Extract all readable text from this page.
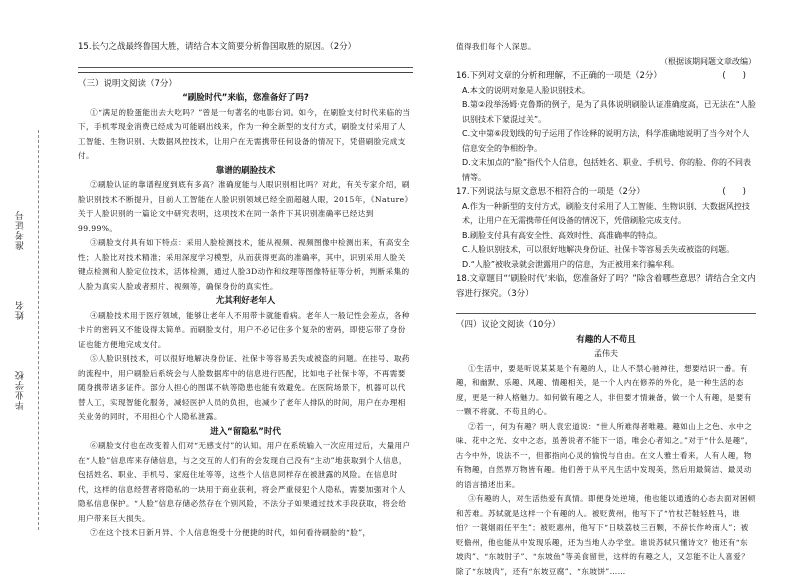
准考证号
姓名
毕业学校
15.长勺之战最终鲁国大胜，请结合本文简要分析鲁国取胜的原因。（2分）
（三）说明文阅读（7分）
“刷脸时代”来临，您准备好了吗?

①“满足的脸蛋能出去大吃吗？”曾是一句著名的电影台词。如今，在刷脸支付时代来临的当下，手机零现金消费已经成为可能刷出线来，作为一种全新型的支付方式，刷脸支付采用了人工智能、生物识别、大数据风控技术，让用户在无需携带任何设备的情况下，凭借刷脸完成支付。

靠谱的刷脸技术

②刷脸认证的靠谱程度到底有多高？准确度能与人眼识别相比吗？对此，有关专家介绍，刷脸识别技术不断提升，目前人工智能在人脸识别领域已经全面超越人眼，2015年，《Nature》关于人脸识别的一篇论文中研究表明，这项技术在同一条件下其识别准确率已经达到99.99%。

③刷脸支付具有如下特点：采用人脸检测技术，能从视频、视频图像中检测出来，有高安全性；人脸比对技术精准；采用深度学习模型，从而获得更高的准确率，其中，识别采用人脸关键点检测和人脸定位技术，活体检测，通过人脸3D动作和纹理等图像特征等分析，判断采集的人脸为真实人脸或者照片、视频等，确保身份的真实性。

尤其利好老年人

④刷脸技术用于医疗领域，能够让老年人不用带卡就能看病。老年人一般记性会差点，各种卡片的密码又不能设得太简单。而刷脸支付，用户不必记住多个复杂的密码，即使忘带了身份证也能方便地完成支付。

⑤人脸识别技术，可以很好地解决身份证、社保卡等容易丢失或被盗的问题。在挂号、取药的流程中，用户刷脸后系统会与人脸数据库中的信息进行匹配，比如电子社保卡等，不再需要随身携带诸多证件。部分人担心的图谋不轨等隐患也能有效避免。在医院场景下，机器可以代替人工，实现智能化服务，减轻医护人员的负担，也减少了老年人排队的时间，用户在办理相关业务的同时，不用担心个人隐私泄露。

进入“留隐私”时代

⑥刷脸支付也在改变着人们对“无感支付”的认知。用户在系统输入一次应用过后，大量用户在“人脸”信息库来存储信息，与之交互的人们有的会发现自己没有“主动”地获取到个人信息，包括姓名、职业、手机号、家庭住址等等，这些个人信息同样存在被泄露的风险。在信息时代，这样的信息经营者将隐私的一块用于商业获利，将会严重侵犯个人隐私，需要加强对个人隐私信息保护。“人脸”信息存储必然存在个别风险，不法分子如果通过技术手段获取，将会给用户带来巨大损失。

⑦在这个技术日新月异、个人信息饱受十分便捷的时代，如何看待刷脸的“脸”，

值得我们每个人深思。

（根据该期间题文章改编）
16.下列对文章的分析和理解，不正确的一项是（2分）	(　　)
A.本文的说明对象是人脸识别技术。
B.第②段举汤姆·克鲁斯的例子，是为了具体说明刷脸认证准确度高，已无法在“人脸识别技术下蒙混过关”。
C.文中第⑥段划线的句子运用了作诠释的说明方法，科学准确地说明了当今对个人信息安全的争相纷争。
D.文末加点的“脸”指代个人信息，包括姓名、职业、手机号、你的脸、你的不同表情等。
17.下列说法与原文意思不相符合的一项是（2分）	(　　)
A.作为一种新型的支付方式，刷脸支付采用了人工智能、生物识别、大数据风控技术，让用户在无需携带任何设备的情况下，凭借刷脸完成支付。
B.刷脸支付具有高安全性、高效时性、高准确率的特点。
C.人脸识别技术，可以很好地解决身份证、社保卡等容易丢失或被盗的问题。
D.“人脸”被收录就会泄露用户的信息，为正被用来行骗牟利。
18.文章题目“‘刷脸时代’来临，您准备好了吗？”除含着哪些意思？请结合全文内容进行探究。（3分）
（四）议论文阅读（10分）
有趣的人不苟且
孟伟夫

①生活中，要是听说某某是个有趣的人，让人不禁心驰神往，想要结识一番。有趣，和幽默、乐趣、风趣、情趣相关，是一个人内在修养的外化，是一种生活的态度，更是一种人格魅力。如何做有趣之人，非但要才情兼备，做一个人有趣，是要有一颗不将就、不苟且的心。

②若一，何为有趣？明人袁宏道说：“世人所难得者唯趣。趣如山上之色、水中之味、花中之光、女中之态，虽善说者不能下一语，唯会心者知之。”对于“什么是趣”，古今中外，说法不一，但都指向心灵的愉悦与自由。在文人雅士看来，人有人趣，物有物趣，自然界万物皆有趣。他们善于从平凡生活中发现美，然后用最简洁、最灵动的语言描述出来。

③有趣的人，对生活热爱有真情。即便身处逆境，他也能以通透的心态去面对困顿和苦难。苏轼就是这样一个有趣的人。被贬黄州，他写下了“竹杖芒鞋轻胜马，谁怕？一蓑烟雨任平生”；被贬惠州，他写下“日啖荔枝三百颗，不辞长作岭南人”；被贬儋州，他也能从中发现乐趣，还为当地人办学堂。谁说苏轼只懂诗文？他还有“东坡肉”、“东坡肘子”、“东坡鱼”等美食留世，这样的有趣之人，又怎能不让人喜爱？除了“东坡肉”，还有“东坡豆腐”、“东坡饼”……
